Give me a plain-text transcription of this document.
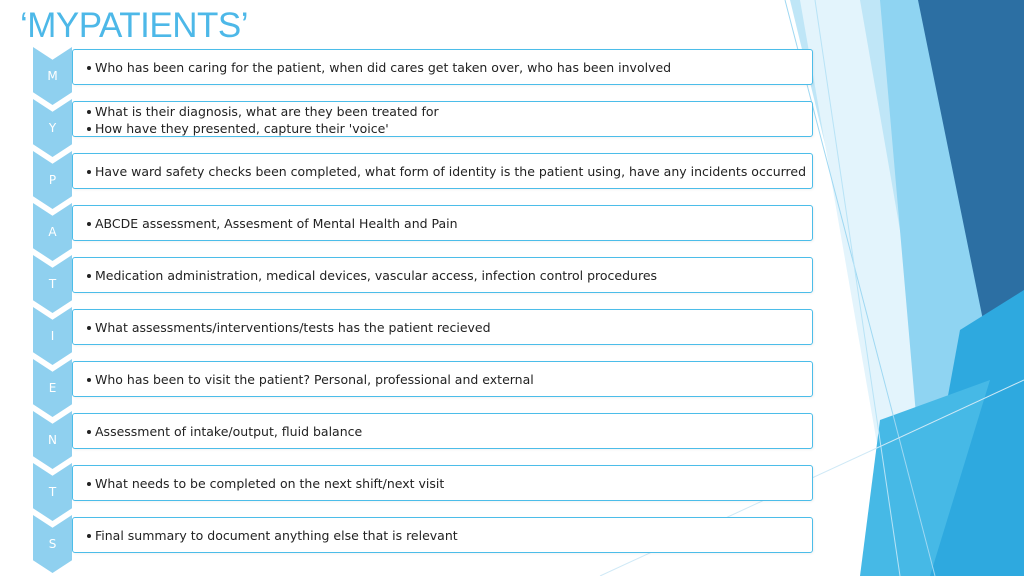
‘MYPATIENTS’
M
Who has been caring for the patient, when did cares get taken over, who has been involved
Y
What is their diagnosis, what are they been treated for
How have they presented, capture their 'voice'
P
Have ward safety checks been completed, what form of identity is the patient using, have any incidents occurred
A
ABCDE assessment, Assesment of Mental Health and Pain
T
Medication administration, medical devices, vascular access, infection control procedures
I
What assessments/interventions/tests has the patient recieved
E
Who has been to visit the patient? Personal, professional and external
N
Assessment of intake/output, fluid balance
T
What needs to be completed on the next shift/next visit
S
Final summary to document anything else that is relevant
